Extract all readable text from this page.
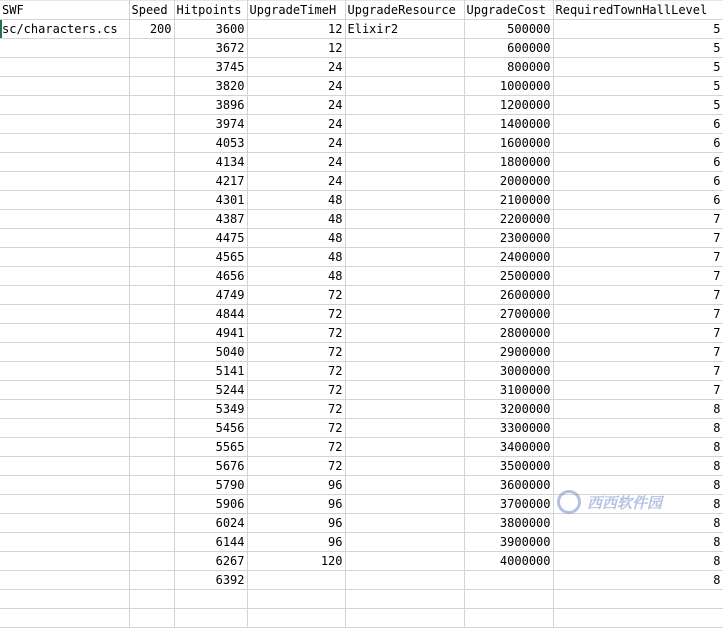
SWF	Speed	Hitpoints	UpgradeTimeH	UpgradeResource	UpgradeCost	RequiredTownHallLevel
sc/characters.cs	200	3600	12	Elixir2	500000	5
		3672	12		600000	5
		3745	24		800000	5
		3820	24		1000000	5
		3896	24		1200000	5
		3974	24		1400000	6
		4053	24		1600000	6
		4134	24		1800000	6
		4217	24		2000000	6
		4301	48		2100000	6
		4387	48		2200000	7
		4475	48		2300000	7
		4565	48		2400000	7
		4656	48		2500000	7
		4749	72		2600000	7
		4844	72		2700000	7
		4941	72		2800000	7
		5040	72		2900000	7
		5141	72		3000000	7
		5244	72		3100000	7
		5349	72		3200000	8
		5456	72		3300000	8
		5565	72		3400000	8
		5676	72		3500000	8
		5790	96		3600000	8
		5906	96		3700000	8
		6024	96		3800000	8
		6144	96		3900000	8
		6267	120		4000000	8
		6392				8

西西软件园
